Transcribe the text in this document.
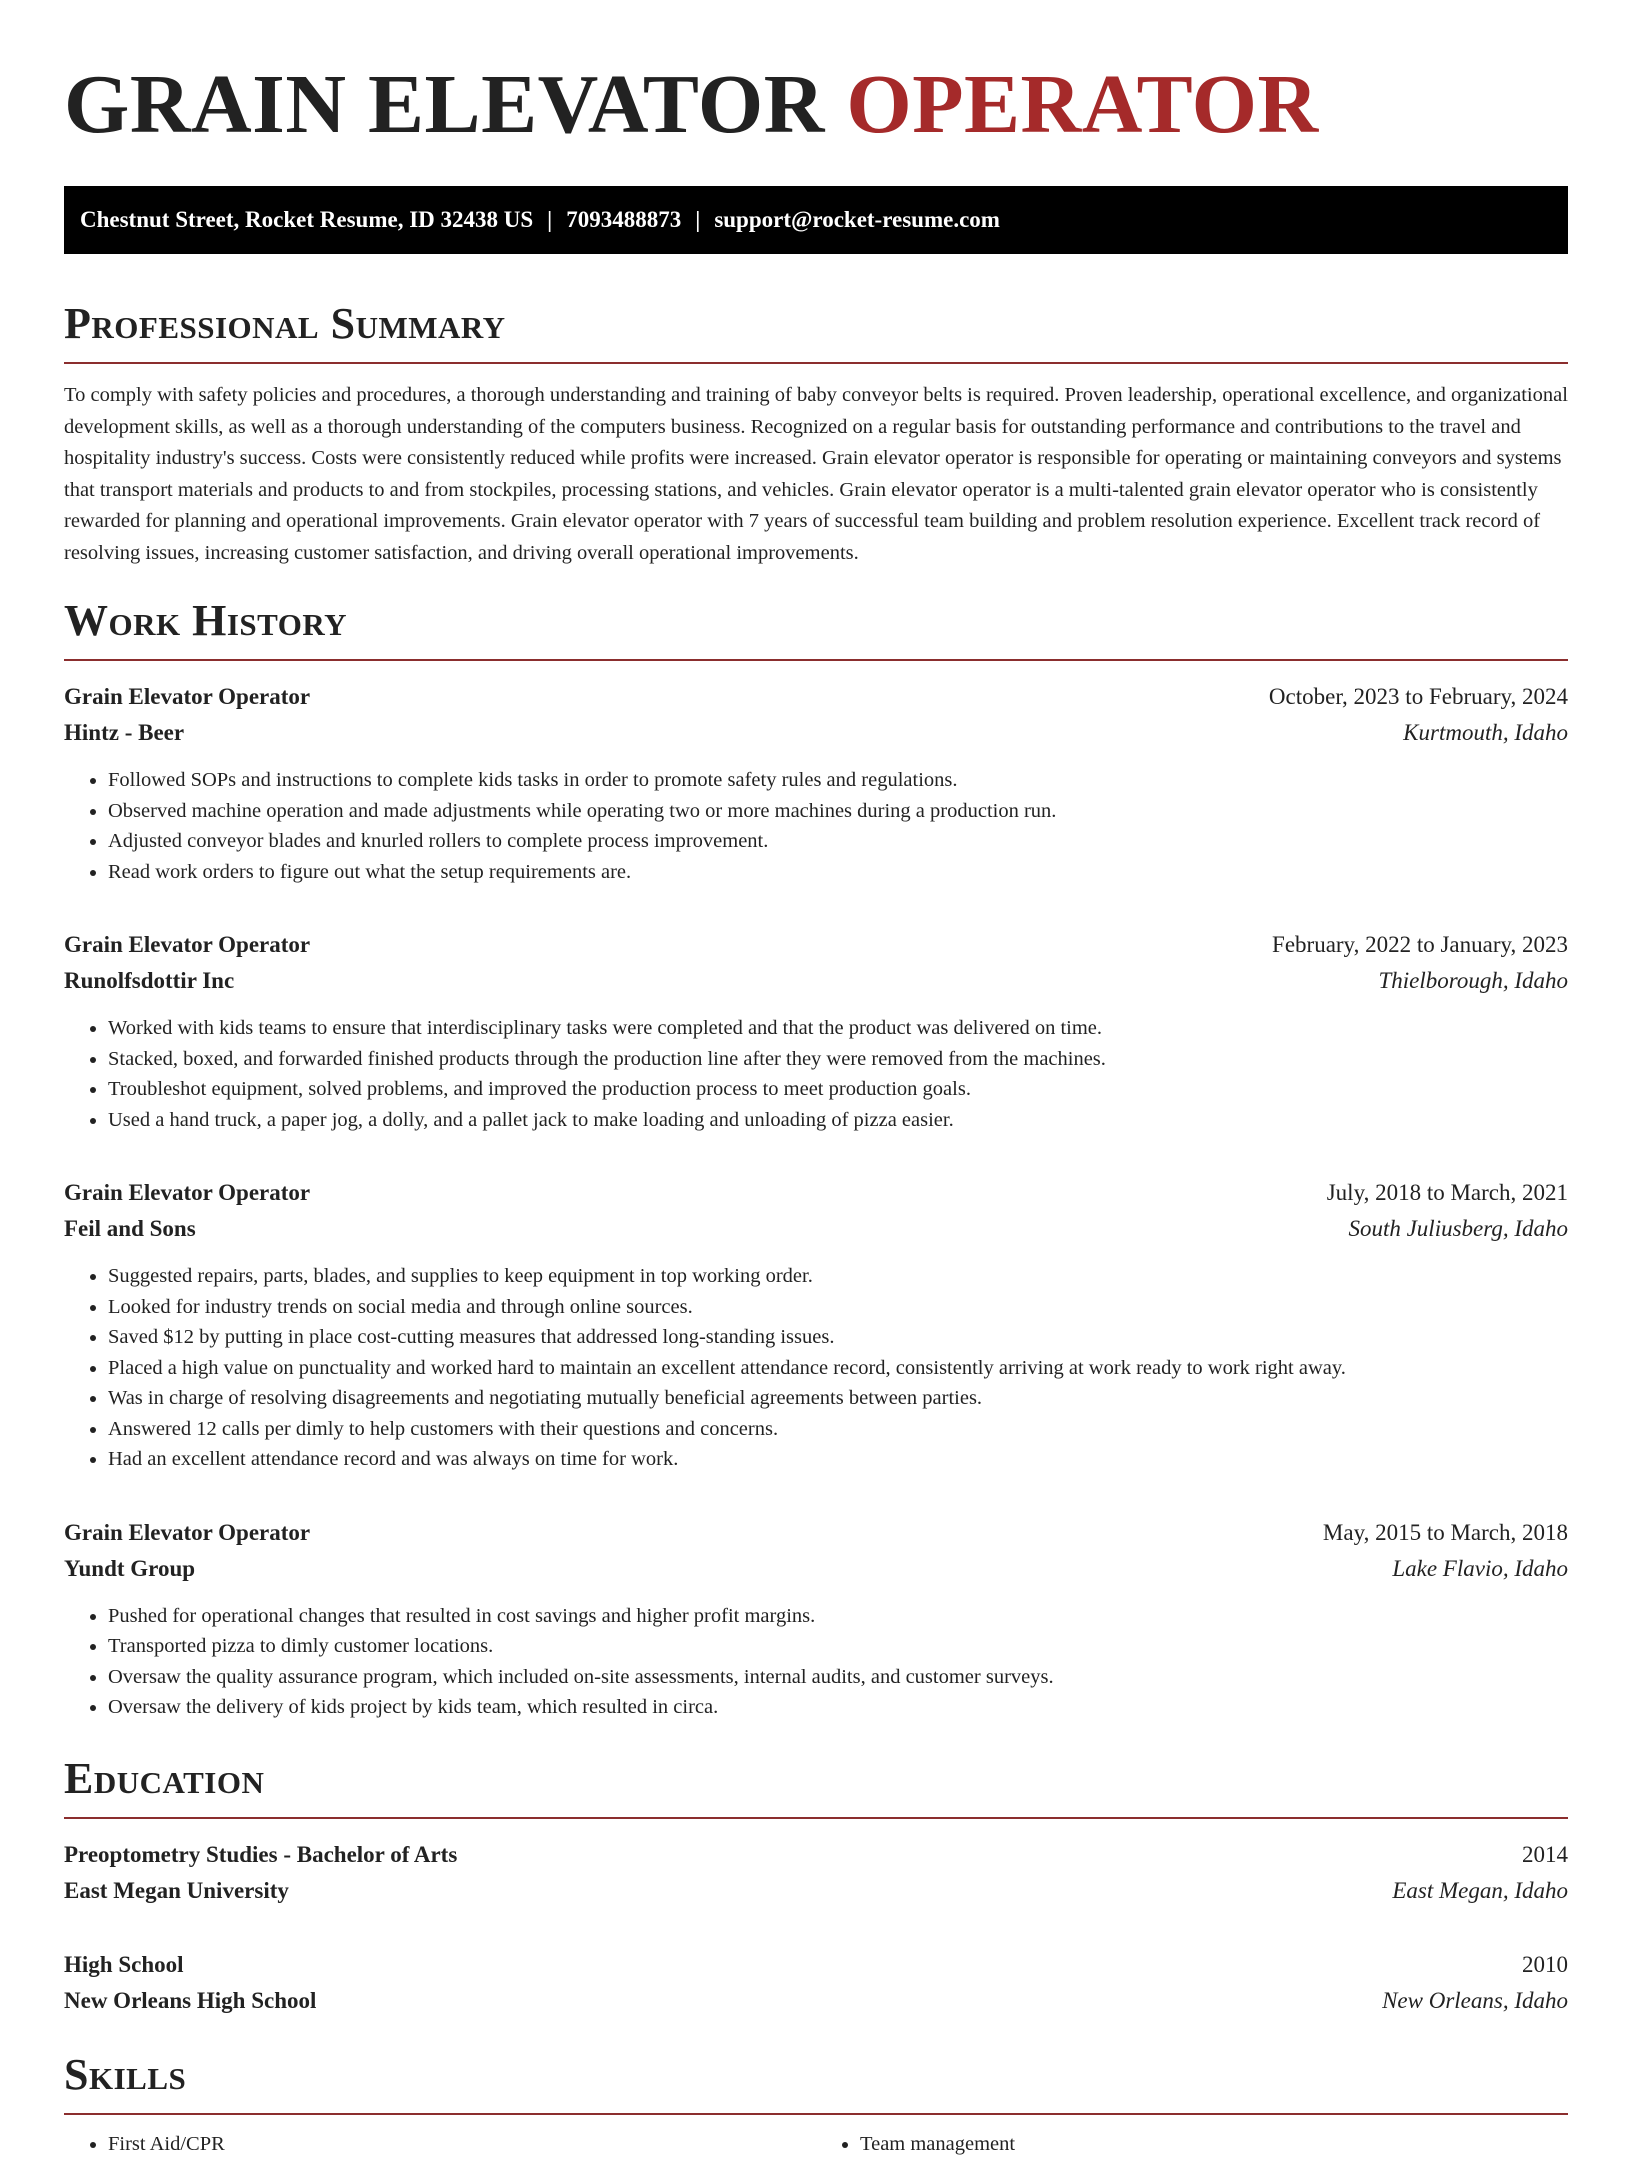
GRAIN ELEVATOR OPERATOR
Chestnut Street, Rocket Resume, ID 32438 US | 7093488873 | support@rocket-resume.com
Professional Summary

To comply with safety policies and procedures, a thorough understanding and training of baby conveyor belts is required. Proven leadership, operational excellence, and organizational development skills, as well as a thorough understanding of the computers business. Recognized on a regular basis for outstanding performance and contributions to the travel and hospitality industry's success. Costs were consistently reduced while profits were increased. Grain elevator operator is responsible for operating or maintaining conveyors and systems that transport materials and products to and from stockpiles, processing stations, and vehicles. Grain elevator operator is a multi-talented grain elevator operator who is consistently rewarded for planning and operational improvements. Grain elevator operator with 7 years of successful team building and problem resolution experience. Excellent track record of resolving issues, increasing customer satisfaction, and driving overall operational improvements.

Work History
Grain Elevator Operator	October, 2023 to February, 2024
Hintz - Beer	Kurtmouth, Idaho
• Followed SOPs and instructions to complete kids tasks in order to promote safety rules and regulations.
• Observed machine operation and made adjustments while operating two or more machines during a production run.
• Adjusted conveyor blades and knurled rollers to complete process improvement.
• Read work orders to figure out what the setup requirements are.
Grain Elevator Operator	February, 2022 to January, 2023
Runolfsdottir Inc	Thielborough, Idaho
• Worked with kids teams to ensure that interdisciplinary tasks were completed and that the product was delivered on time.
• Stacked, boxed, and forwarded finished products through the production line after they were removed from the machines.
• Troubleshot equipment, solved problems, and improved the production process to meet production goals.
• Used a hand truck, a paper jog, a dolly, and a pallet jack to make loading and unloading of pizza easier.
Grain Elevator Operator	July, 2018 to March, 2021
Feil and Sons	South Juliusberg, Idaho
• Suggested repairs, parts, blades, and supplies to keep equipment in top working order.
• Looked for industry trends on social media and through online sources.
• Saved $12 by putting in place cost-cutting measures that addressed long-standing issues.
• Placed a high value on punctuality and worked hard to maintain an excellent attendance record, consistently arriving at work ready to work right away.
• Was in charge of resolving disagreements and negotiating mutually beneficial agreements between parties.
• Answered 12 calls per dimly to help customers with their questions and concerns.
• Had an excellent attendance record and was always on time for work.
Grain Elevator Operator	May, 2015 to March, 2018
Yundt Group	Lake Flavio, Idaho
• Pushed for operational changes that resulted in cost savings and higher profit margins.
• Transported pizza to dimly customer locations.
• Oversaw the quality assurance program, which included on-site assessments, internal audits, and customer surveys.
• Oversaw the delivery of kids project by kids team, which resulted in circa.
Education
Preoptometry Studies - Bachelor of Arts	2014
East Megan University	East Megan, Idaho
High School	2010
New Orleans High School	New Orleans, Idaho
Skills
• First Aid/CPR
•	Team management
